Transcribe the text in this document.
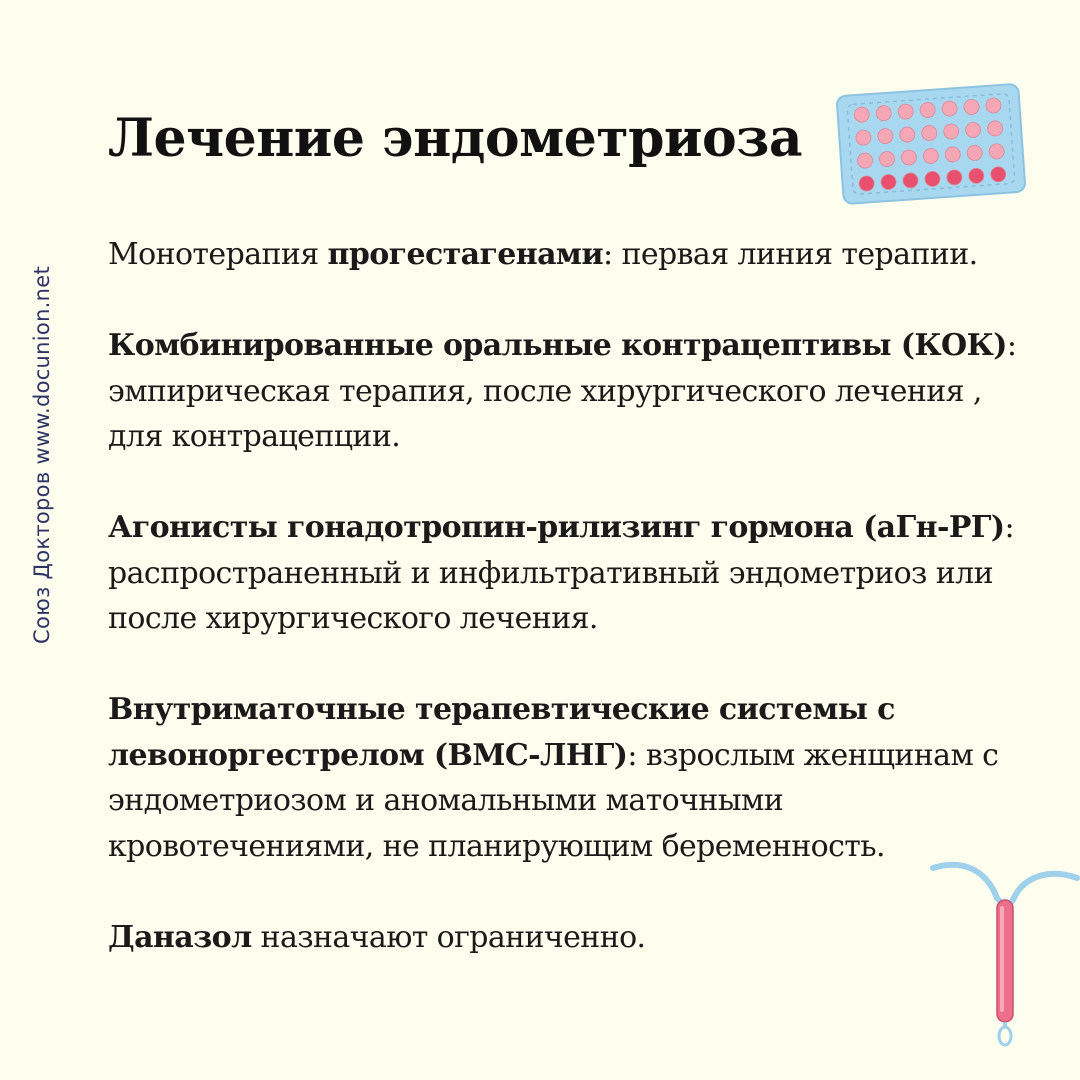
Союз Докторов www.docunion.net
Лечение эндометриоза

Монотерапия прогестагенами: первая линия терапии.

Комбинированные оральные контрацептивы (КОК): эмпирическая терапия, после хирургического лечения , для контрацепции.

Агонисты гонадотропин-рилизинг гормона (аГн-РГ): распространенный и инфильтративный эндометриоз или после хирургического лечения.

Внутриматочные терапевтические системы с левоноргестрелом (ВМС-ЛНГ): взрослым женщинам с эндометриозом и аномальными маточными кровотечениями, не планирующим беременность.

Даназол назначают ограниченно.
